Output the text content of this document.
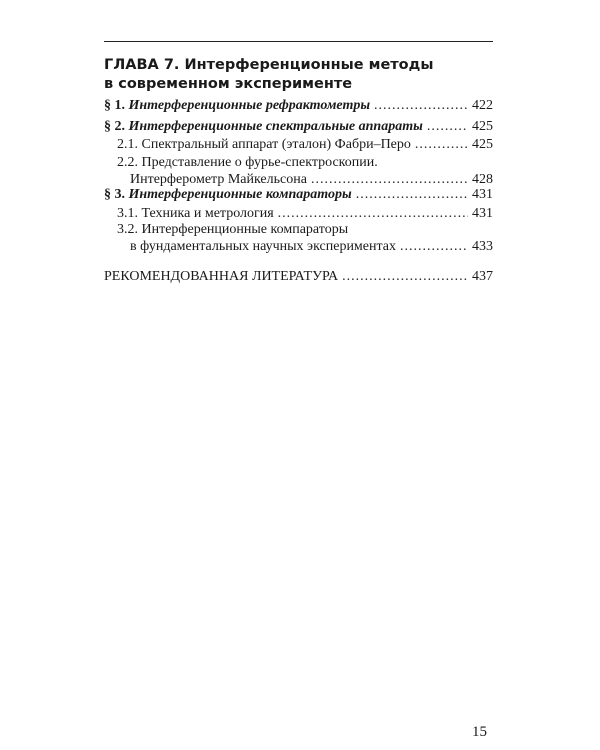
ГЛАВА 7. Интерференционные методы
в современном эксперименте
§ 1. Интерференционные рефрактометры .....	422
§ 2. Интерференционные спектральные аппараты .....	425
2.1. Спектральный аппарат (эталон) Фабри–Перо .....	425
2.2. Представление о фурье-спектроскопии.
Интерферометр Майкельсона .....	428
§ 3. Интерференционные компараторы .....	431
3.1. Техника и метрология .....	431
3.2. Интерференционные компараторы
в фундаментальных научных экспериментах .....	433
РЕКОМЕНДОВАННАЯ ЛИТЕРАТУРА .....	437
15
